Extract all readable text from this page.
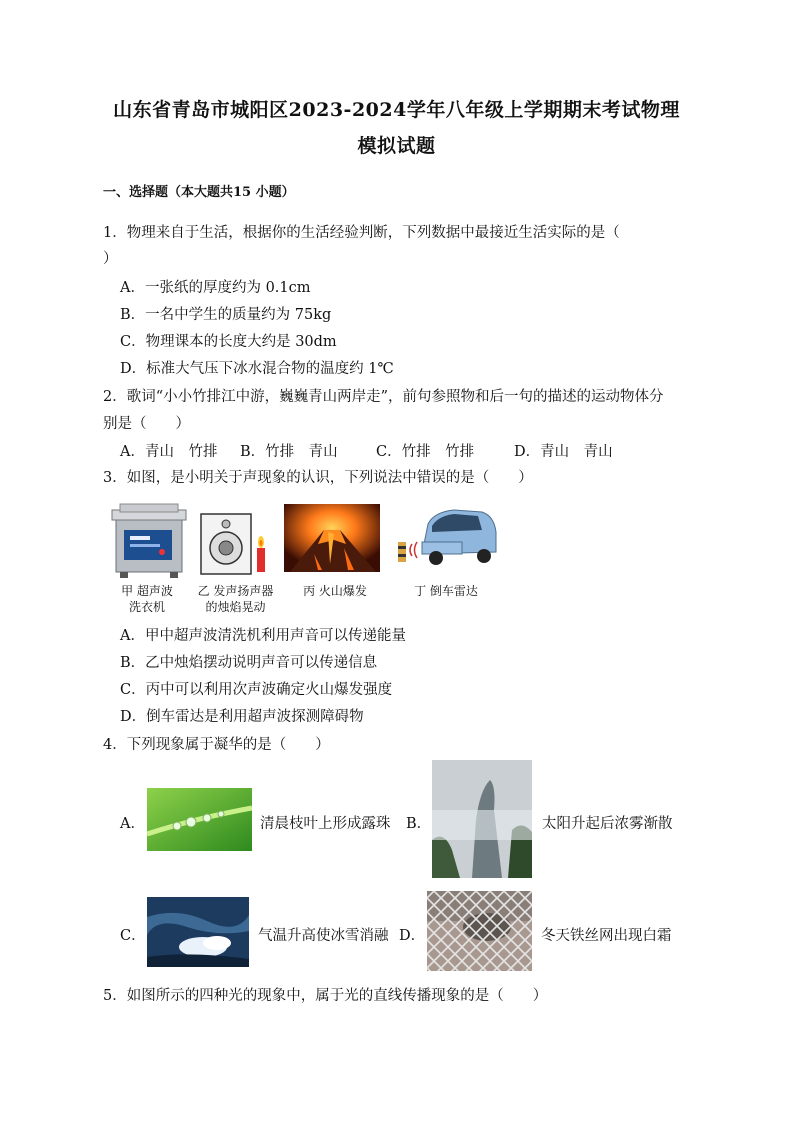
山东省青岛市城阳区2023-2024学年八年级上学期期末考试物理
模拟试题
一、选择题（本大题共15 小题）
1．物理来自于生活，根据你的生活经验判断，下列数据中最接近生活实际的是（
）
A．一张纸的厚度约为 0.1cm
B．一名中学生的质量约为 75kg
C．物理课本的长度大约是 30dm
D．标准大气压下冰水混合物的温度约 1℃
2．歌词“小小竹排江中游，巍巍青山两岸走”，前句参照物和后一句的描述的运动物体分
别是（　　）
A．青山　竹排 B．竹排　青山	C．竹排　竹排	D．青山　青山
3．如图，是小明关于声现象的认识，下列说法中错误的是（　　）
甲 超声波
洗衣机
乙 发声扬声器
的烛焰晃动
丙 火山爆发	丁 倒车雷达
A．甲中超声波清洗机利用声音可以传递能量
B．乙中烛焰摆动说明声音可以传递信息
C．丙中可以利用次声波确定火山爆发强度
D．倒车雷达是利用超声波探测障碍物
4．下列现象属于凝华的是（　　）
A．	清晨枝叶上形成露珠 B．	太阳升起后浓雾渐散
C．	气温升高使冰雪消融 D．	冬天铁丝网出现白霜
5．如图所示的四种光的现象中，属于光的直线传播现象的是（　　）
